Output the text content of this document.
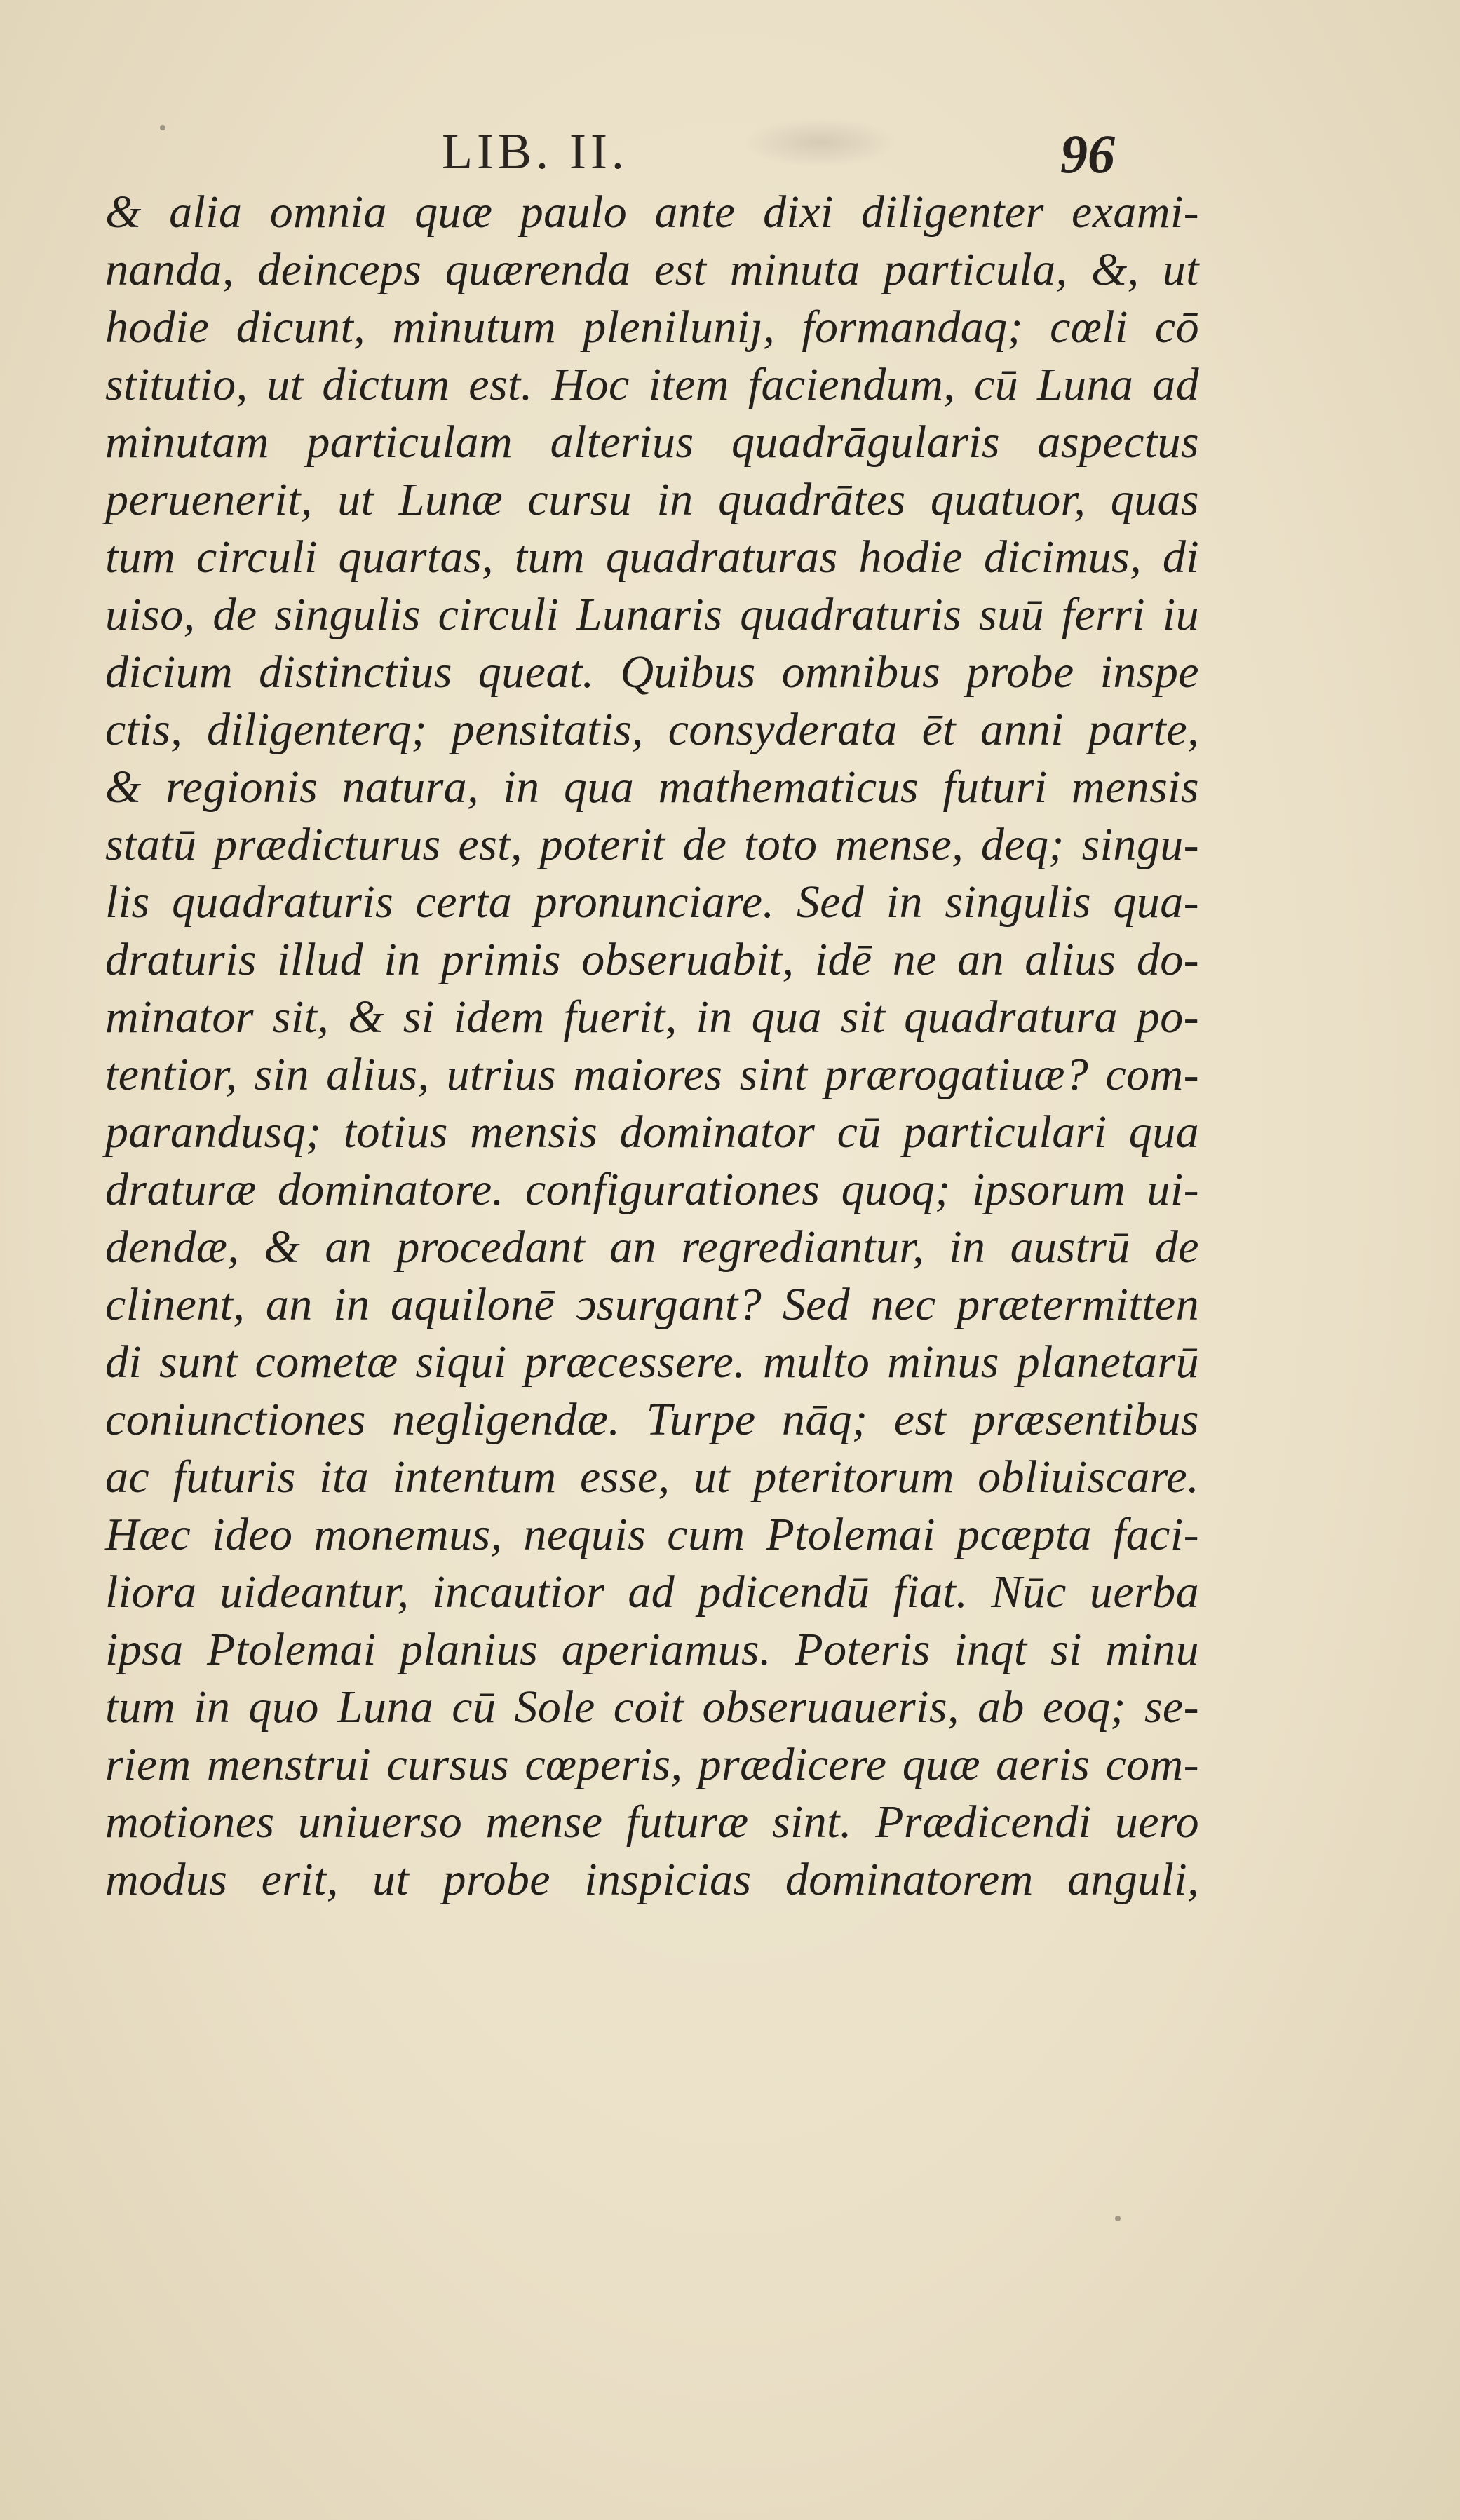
LIB. II.	96
& alia omnia quæ paulo ante dixi diligenter exami-
nanda, deinceps quærenda est minuta particula, &, ut
hodie dicunt, minutum pleniluniȷ, formandaq; cœli cō
stitutio, ut dictum est. Hoc item faciendum, cū Luna ad
minutam particulam alterius quadrāgularis aspectus
peruenerit, ut Lunæ cursu in quadrātes quatuor, quas
tum circuli quartas, tum quadraturas hodie dicimus, di
uiso, de singulis circuli Lunaris quadraturis suū ferri iu
dicium distinctius queat. Quibus omnibus probe inspe
ctis, diligenterq; pensitatis, consyderata ēt anni parte,
& regionis natura, in qua mathematicus futuri mensis
statū prædicturus est, poterit de toto mense, deq; singu-
lis quadraturis certa pronunciare. Sed in singulis qua-
draturis illud in primis obseruabit, idē ne an alius do-
minator sit, & si idem fuerit, in qua sit quadratura po-
tentior, sin alius, utrius maiores sint prærogatiuæ? com-
parandusq; totius mensis dominator cū particulari qua
draturæ dominatore. configurationes quoq; ipsorum ui-
dendæ, & an procedant an regrediantur, in austrū de
clinent, an in aquilonē ↄsurgant? Sed nec prætermitten
di sunt cometæ siqui præcessere. multo minus planetarū
coniunctiones negligendæ. Turpe nāq; est præsentibus
ac futuris ita intentum esse, ut pteritorum obliuiscare.
Hæc ideo monemus, nequis cum Ptolemai pcæpta faci-
liora uideantur, incautior ad pdicendū fiat. Nūc uerba
ipsa Ptolemai planius aperiamus. Poteris inqt si minu
tum in quo Luna cū Sole coit obseruaueris, ab eoq; se-
riem menstrui cursus cœperis, prædicere quæ aeris com-
motiones uniuerso mense futuræ sint. Prædicendi uero
modus erit, ut probe inspicias dominatorem anguli,
